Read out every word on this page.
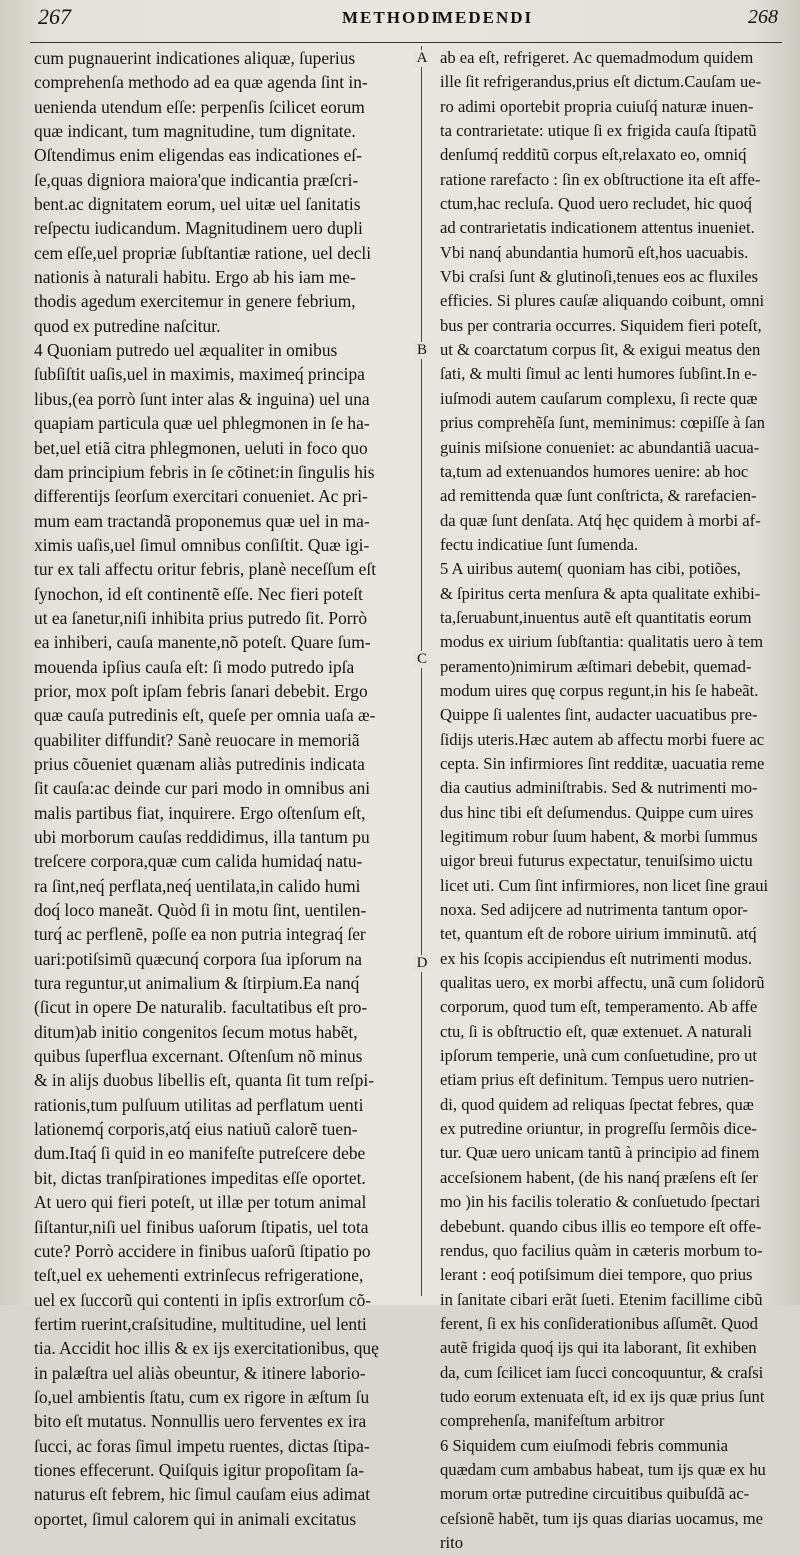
267	METHODI
MEDENDI	268
cum pugnauerint indicationes aliquæ, ſuperius
comprehenſa methodo ad ea quæ agenda ſint in-
uenienda utendum eſſe: perpenſis ſcilicet eorum
quæ indicant, tum magnitudine, tum dignitate.
Oſtendimus enim eligendas eas indicationes eſ-
ſe,quas digniora maiora'que indicantia præſcri-
bent.ac dignitatem eorum, uel uitæ uel ſanitatis
reſpectu iudicandum. Magnitudinem uero dupli
cem eſſe,uel propriæ ſubſtantiæ ratione, uel decli
nationis à naturali habitu. Ergo ab his iam me-
thodis agedum exercitemur in genere febrium,
quod ex putredine naſcitur.
4 Quoniam putredo uel æqualiter in omibus
ſubſiſtit uaſis,uel in maximis, maximeq́ principa
libus,(ea porrò ſunt inter alas & inguina) uel una
quapiam particula quæ uel phlegmonen in ſe ha-
bet,uel etiã citra phlegmonen, ueluti in foco quo
dam principium febris in ſe cõtinet:in ſingulis his
differentijs ſeorſum exercitari conueniet. Ac pri-
mum eam tractandã proponemus quæ uel in ma-
ximis uaſis,uel ſimul omnibus conſiſtit. Quæ igi-
tur ex tali affectu oritur febris, planè neceſſum eſt
ſynochon, id eſt continentẽ eſſe. Nec fieri poteſt
ut ea ſanetur,niſi inhibita prius putredo ſit. Porrò
ea inhiberi, cauſa manente,nõ poteſt. Quare ſum-
mouenda ipſius cauſa eſt: ſi modo putredo ipſa
prior, mox poſt ipſam febris ſanari debebit. Ergo
quæ cauſa putredinis eſt, queſe per omnia uaſa æ-
quabiliter diffundit? Sanè reuocare in memoriã
prius cõueniet quænam aliàs putredinis indicata
ſit cauſa:ac deinde cur pari modo in omnibus ani
malis partibus fiat, inquirere. Ergo oſtenſum eſt,
ubi morborum cauſas reddidimus, illa tantum pu
treſcere corpora,quæ cum calida humidaq́ natu-
ra ſint,neq́ perflata,neq́ uentilata,in calido humi
doq́ loco maneãt. Quòd ſi in motu ſint, uentilen-
turq́ ac perflenẽ, poſſe ea non putria integraq́ ſer
uari:potiſsimũ quæcunq́ corpora ſua ipſorum na
tura reguntur,ut animalium & ſtirpium.Ea nanq́
(ſicut in opere De naturalib. facultatibus eſt pro-
ditum)ab initio congenitos ſecum motus habẽt,
quibus ſuperflua excernant. Oſtenſum nõ minus
& in alijs duobus libellis eſt, quanta ſit tum reſpi-
rationis,tum pulſuum utilitas ad perflatum uenti
lationemq́ corporis,atq́ eius natiuũ calorẽ tuen-
dum.Itaq́ ſi quid in eo manifeſte putreſcere debe
bit, dictas tranſpirationes impeditas eſſe oportet.
At uero qui fieri poteſt, ut illæ per totum animal
ſiſtantur,niſi uel finibus uaſorum ſtipatis, uel tota
cute? Porrò accidere in finibus uaſorũ ſtipatio po
teſt,uel ex uehementi extrinſecus refrigeratione,
uel ex ſuccorũ qui contenti in ipſis extrorſum cõ-
fertim ruerint,craſsitudine, multitudine, uel lenti
tia. Accidit hoc illis & ex ijs exercitationibus, quę
in palæſtra uel aliàs obeuntur, & itinere laborio-
ſo,uel ambientis ſtatu, cum ex rigore in æſtum ſu
bito eſt mutatus. Nonnullis uero ferventes ex ira
ſucci, ac foras ſimul impetu ruentes, dictas ſtipa-
tiones effecerunt. Quiſquis igitur propoſitam ſa-
naturus eſt febrem, hic ſimul cauſam eius adimat
oportet, ſimul calorem qui in animali excitatus
ab ea eſt, refrigeret. Ac quemadmodum quidem
ille ſit refrigerandus,prius eſt dictum.Cauſam ue-
ro adimi oportebit propria cuiuſq́ naturæ inuen-
ta contrarietate: utique ſi ex frigida cauſa ſtipatũ
denſumq́ redditũ corpus eſt,relaxato eo, omniq́
ratione rarefacto : ſin ex obſtructione ita eſt affe-
ctum,hac recluſa. Quod uero recludet, hic quoq́
ad contrarietatis indicationem attentus inueniet.
Vbi nanq́ abundantia humorũ eſt,hos uacuabis.
Vbi craſsi ſunt & glutinoſi,tenues eos ac fluxiles
efficies. Si plures cauſæ aliquando coibunt, omni
bus per contraria occurres. Siquidem fieri poteſt,
ut & coarctatum corpus ſit, & exigui meatus den
ſati, & multi ſimul ac lenti humores ſubſint.In e-
iuſmodi autem cauſarum complexu, ſi recte quæ
prius comprehẽſa ſunt, meminimus: cœpiſſe à ſan
guinis miſsione conueniet: ac abundantiã uacua-
ta,tum ad extenuandos humores uenire: ab hoc
ad remittenda quæ ſunt conſtricta, & rarefacien-
da quæ ſunt denſata. Atq́ hęc quidem à morbi af-
fectu indicatiue ſunt ſumenda.
5 A uiribus autem( quoniam has cibi, potiões,
& ſpiritus certa menſura & apta qualitate exhibi-
ta,ſeruabunt,inuentus autẽ eſt quantitatis eorum
modus ex uirium ſubſtantia: qualitatis uero à tem
peramento)nimirum æſtimari debebit, quemad-
modum uires quę corpus regunt,in his ſe habeãt.
Quippe ſi ualentes ſint, audacter uacuatibus pre-
ſidijs uteris.Hæc autem ab affectu morbi fuere ac
cepta. Sin infirmiores ſint redditæ, uacuatia reme
dia cautius adminiſtrabis. Sed & nutrimenti mo-
dus hinc tibi eſt deſumendus. Quippe cum uires
legitimum robur ſuum habent, & morbi ſummus
uigor breui futurus expectatur, tenuiſsimo uictu
licet uti. Cum ſint infirmiores, non licet ſine graui
noxa. Sed adijcere ad nutrimenta tantum opor-
tet, quantum eſt de robore uirium imminutũ. atq́
ex his ſcopis accipiendus eſt nutrimenti modus.
qualitas uero, ex morbi affectu, unã cum ſolidorũ
corporum, quod tum eſt, temperamento. Ab affe
ctu, ſi is obſtructio eſt, quæ extenuet. A naturali
ipſorum temperie, unà cum conſuetudine, pro ut
etiam prius eſt definitum. Tempus uero nutrien-
di, quod quidem ad reliquas ſpectat febres, quæ
ex putredine oriuntur, in progreſſu ſermõis dice-
tur. Quæ uero unicam tantũ à principio ad finem
acceſsionem habent, (de his nanq́ præſens eſt ſer
mo )in his facilis toleratio & conſuetudo ſpectari
debebunt. quando cibus illis eo tempore eſt offe-
rendus, quo facilius quàm in cæteris morbum to-
lerant : eoq́ potiſsimum diei tempore, quo prius
in ſanitate cibari erãt ſueti. Etenim facillime cibũ
ferent, ſi ex his conſiderationibus aſſumẽt. Quod
autẽ frigida quoq́ ijs qui ita laborant, ſit exhiben
da, cum ſcilicet iam ſucci concoquuntur, & craſsi
tudo eorum extenuata eſt, id ex ijs quæ prius ſunt
comprehenſa, manifeſtum arbitror
6 Siquidem cum eiuſmodi febris communia
quædam cum ambabus habeat, tum ijs quæ ex hu
morum ortæ putredine circuitibus quibuſdã ac-
ceſsionẽ habẽt, tum ijs quas diarias uocamus, me
rito
A
B
C
D
